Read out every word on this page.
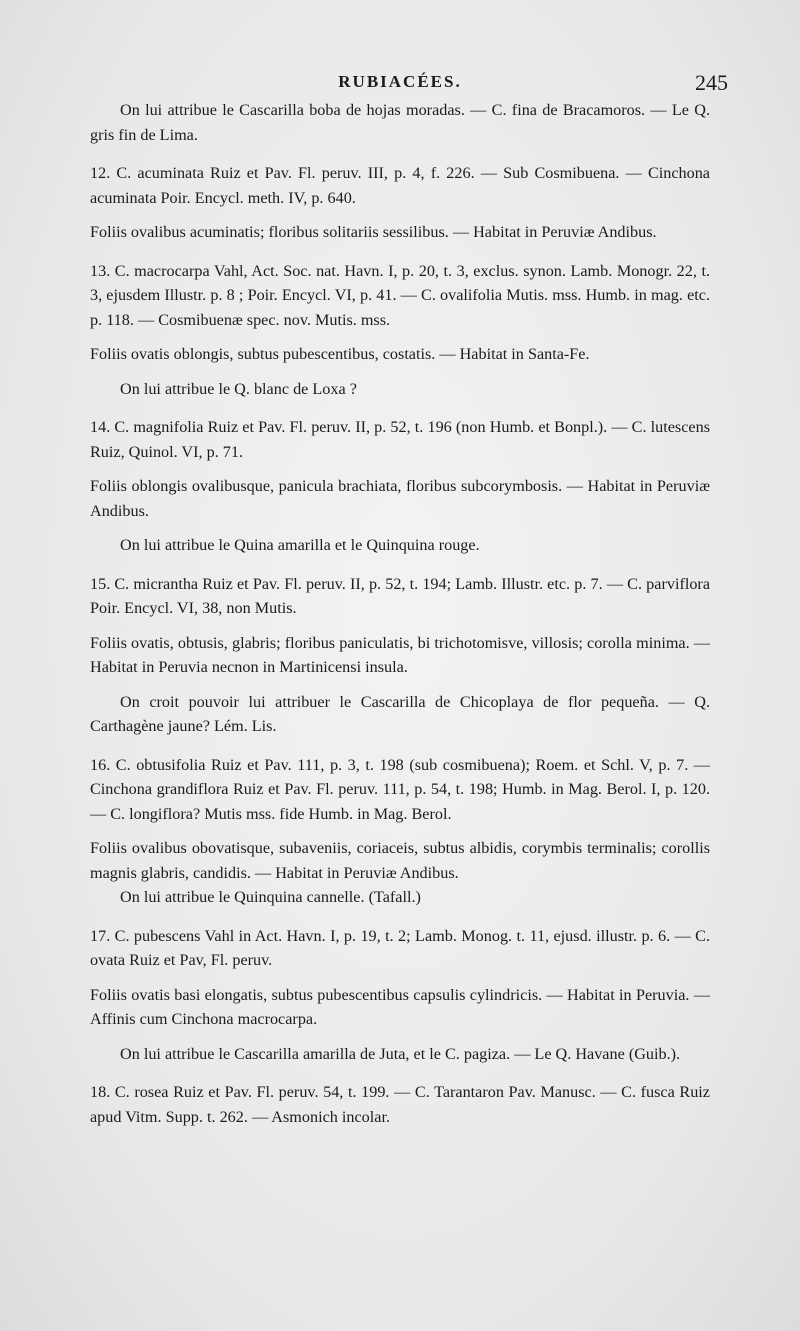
RUBIACÉES.	245

On lui attribue le Cascarilla boba de hojas moradas. — C. fina de Bracamoros. — Le Q. gris fin de Lima.

12. C. acuminata Ruiz et Pav. Fl. peruv. III, p. 4, f. 226. — Sub Cosmibuena. — Cinchona acuminata Poir. Encycl. meth. IV, p. 640.

Foliis ovalibus acuminatis; floribus solitariis sessilibus. — Habitat in Peruviæ Andibus.

13. C. macrocarpa Vahl, Act. Soc. nat. Havn. I, p. 20, t. 3, exclus. synon. Lamb. Monogr. 22, t. 3, ejusdem Illustr. p. 8 ; Poir. Encycl. VI, p. 41. — C. ovalifolia Mutis. mss. Humb. in mag. etc. p. 118. — Cosmibuenæ spec. nov. Mutis. mss.

Foliis ovatis oblongis, subtus pubescentibus, costatis. — Habitat in Santa-Fe.

On lui attribue le Q. blanc de Loxa ?

14. C. magnifolia Ruiz et Pav. Fl. peruv. II, p. 52, t. 196 (non Humb. et Bonpl.). — C. lutescens Ruiz, Quinol. VI, p. 71.

Foliis oblongis ovalibusque, panicula brachiata, floribus subcorymbosis. — Habitat in Peruviæ Andibus.

On lui attribue le Quina amarilla et le Quinquina rouge.

15. C. micrantha Ruiz et Pav. Fl. peruv. II, p. 52, t. 194; Lamb. Illustr. etc. p. 7. — C. parviflora Poir. Encycl. VI, 38, non Mutis.

Foliis ovatis, obtusis, glabris; floribus paniculatis, bi trichotomisve, villosis; corolla minima. — Habitat in Peruvia necnon in Martinicensi insula.

On croit pouvoir lui attribuer le Cascarilla de Chicoplaya de flor pequeña. — Q. Carthagène jaune? Lém. Lis.

16. C. obtusifolia Ruiz et Pav. 111, p. 3, t. 198 (sub cosmibuena); Roem. et Schl. V, p. 7. — Cinchona grandiflora Ruiz et Pav. Fl. peruv. 111, p. 54, t. 198; Humb. in Mag. Berol. I, p. 120. — C. longiflora? Mutis mss. fide Humb. in Mag. Berol.

Foliis ovalibus obovatisque, subaveniis, coriaceis, subtus albidis, corymbis terminalis; corollis magnis glabris, candidis. — Habitat in Peruviæ Andibus.

On lui attribue le Quinquina cannelle. (Tafall.)

17. C. pubescens Vahl in Act. Havn. I, p. 19, t. 2; Lamb. Monog. t. 11, ejusd. illustr. p. 6. — C. ovata Ruiz et Pav, Fl. peruv.

Foliis ovatis basi elongatis, subtus pubescentibus capsulis cylindricis. — Habitat in Peruvia. — Affinis cum Cinchona macrocarpa.

On lui attribue le Cascarilla amarilla de Juta, et le C. pagiza. — Le Q. Havane (Guib.).

18. C. rosea Ruiz et Pav. Fl. peruv. 54, t. 199. — C. Tarantaron Pav. Manusc. — C. fusca Ruiz apud Vitm. Supp. t. 262. — Asmonich incolar.
